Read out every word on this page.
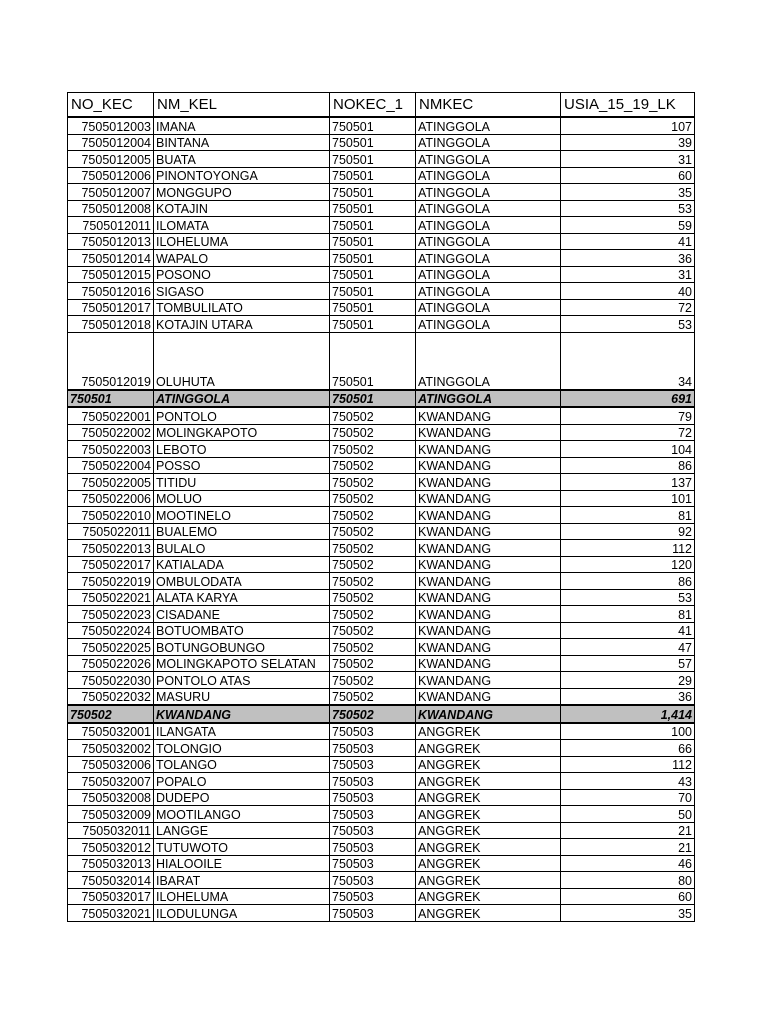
NO_KEC	NM_KEL	NOKEC_1	NMKEC	USIA_15_19_LK
7505012003	IMANA	750501	ATINGGOLA	107
7505012004	BINTANA	750501	ATINGGOLA	39
7505012005	BUATA	750501	ATINGGOLA	31
7505012006	PINONTOYONGA	750501	ATINGGOLA	60
7505012007	MONGGUPO	750501	ATINGGOLA	35
7505012008	KOTAJIN	750501	ATINGGOLA	53
7505012011	ILOMATA	750501	ATINGGOLA	59
7505012013	ILOHELUMA	750501	ATINGGOLA	41
7505012014	WAPALO	750501	ATINGGOLA	36
7505012015	POSONO	750501	ATINGGOLA	31
7505012016	SIGASO	750501	ATINGGOLA	40
7505012017	TOMBULILATO	750501	ATINGGOLA	72
7505012018	KOTAJIN UTARA	750501	ATINGGOLA	53
7505012019	OLUHUTA	750501	ATINGGOLA	34
750501	ATINGGOLA	750501	ATINGGOLA	691
7505022001	PONTOLO	750502	KWANDANG	79
7505022002	MOLINGKAPOTO	750502	KWANDANG	72
7505022003	LEBOTO	750502	KWANDANG	104
7505022004	POSSO	750502	KWANDANG	86
7505022005	TITIDU	750502	KWANDANG	137
7505022006	MOLUO	750502	KWANDANG	101
7505022010	MOOTINELO	750502	KWANDANG	81
7505022011	BUALEMO	750502	KWANDANG	92
7505022013	BULALO	750502	KWANDANG	112
7505022017	KATIALADA	750502	KWANDANG	120
7505022019	OMBULODATA	750502	KWANDANG	86
7505022021	ALATA KARYA	750502	KWANDANG	53
7505022023	CISADANE	750502	KWANDANG	81
7505022024	BOTUOMBATO	750502	KWANDANG	41
7505022025	BOTUNGOBUNGO	750502	KWANDANG	47
7505022026	MOLINGKAPOTO SELATAN	750502	KWANDANG	57
7505022030	PONTOLO ATAS	750502	KWANDANG	29
7505022032	MASURU	750502	KWANDANG	36
750502	KWANDANG	750502	KWANDANG	1,414
7505032001	ILANGATA	750503	ANGGREK	100
7505032002	TOLONGIO	750503	ANGGREK	66
7505032006	TOLANGO	750503	ANGGREK	112
7505032007	POPALO	750503	ANGGREK	43
7505032008	DUDEPO	750503	ANGGREK	70
7505032009	MOOTILANGO	750503	ANGGREK	50
7505032011	LANGGE	750503	ANGGREK	21
7505032012	TUTUWOTO	750503	ANGGREK	21
7505032013	HIALOOILE	750503	ANGGREK	46
7505032014	IBARAT	750503	ANGGREK	80
7505032017	ILOHELUMA	750503	ANGGREK	60
7505032021	ILODULUNGA	750503	ANGGREK	35
